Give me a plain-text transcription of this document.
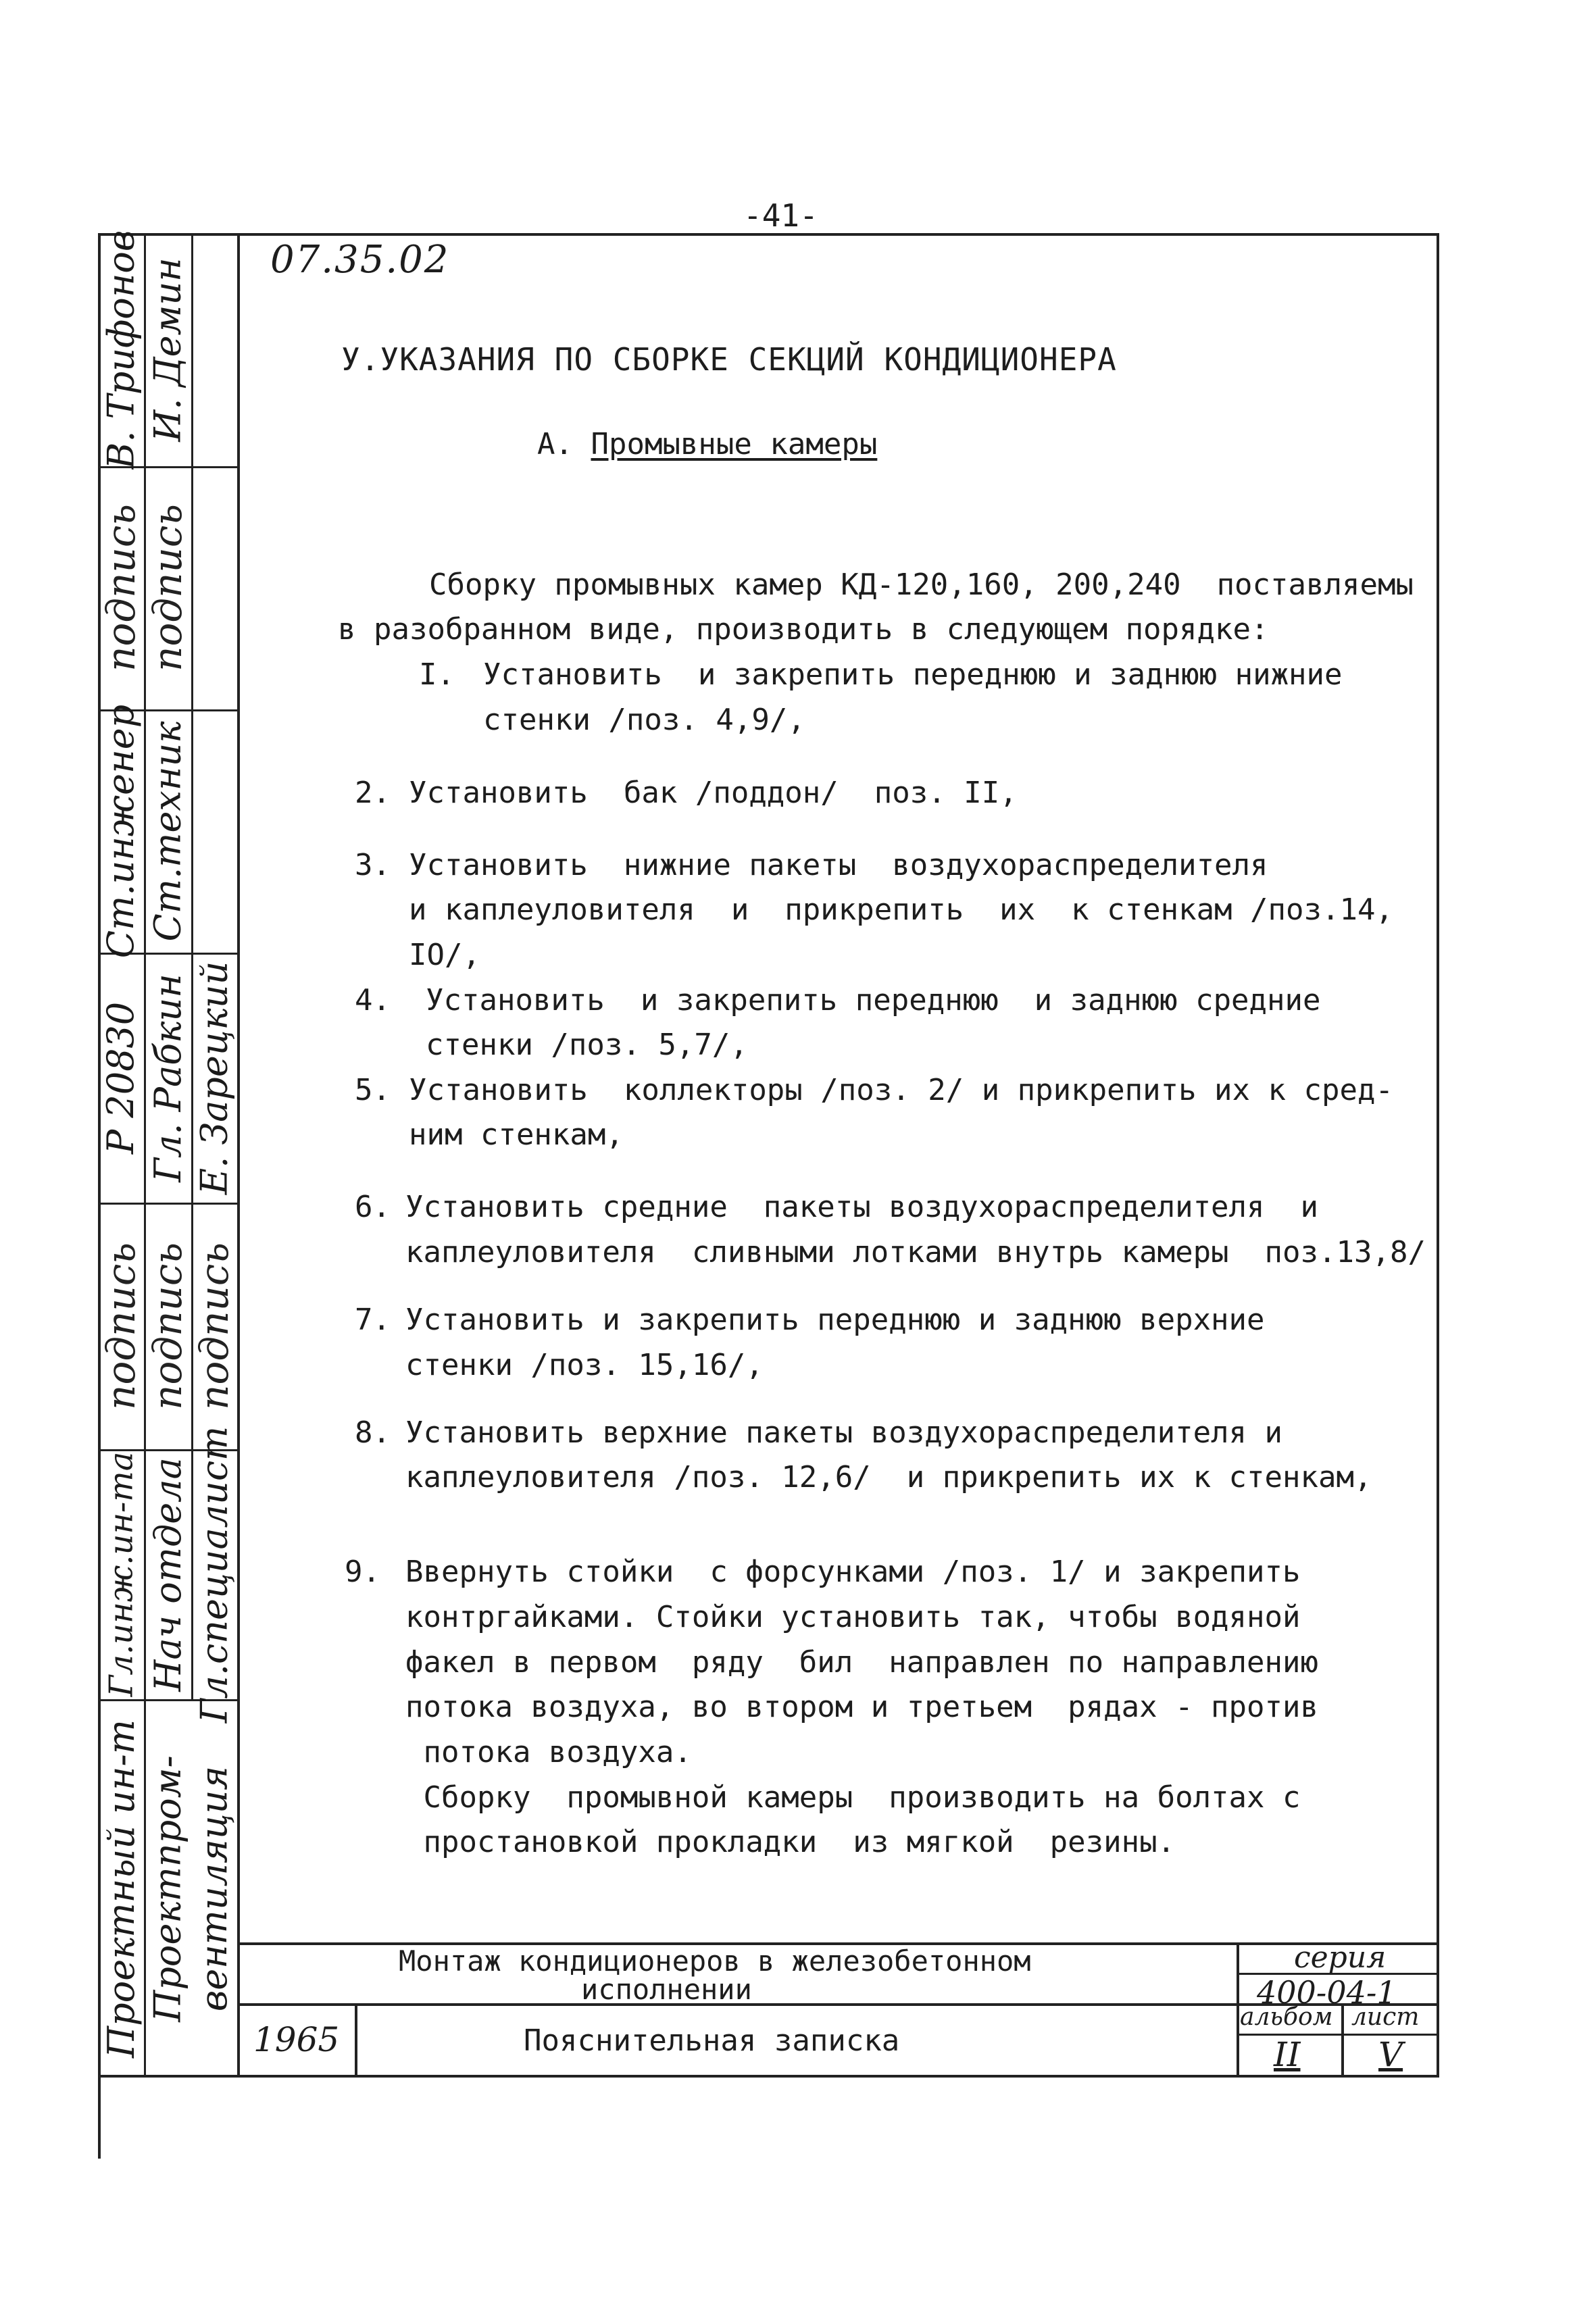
-41-
В. Трифонов
подпись
Ст.инженер
Р 20830
подпись
Гл.инж.ин-та
Проектный ин-т
И. Демин
подпись
Ст.техник
Гл. Рабкин
подпись
Нач отдела
Проектпром-
Е. Зарецкий
подпись
Гл.специалист
вентиляция
07.35.02
У.УКАЗАНИЯ ПО СБОРКЕ СЕКЦИЙ КОНДИЦИОНЕРА
А. Промывные камеры
Сборку промывных камер КД-120,160, 200,240  поставляемы
в разобранном виде, производить в следующем порядке:
I. Установить  и закрепить переднюю и заднюю нижние
стенки /поз. 4,9/,
2. Установить  бак /поддон/  поз. II,
3. Установить  нижние пакеты  воздухораспределителя
и каплеуловителя  и  прикрепить  их  к стенкам /поз.14,
IO/,
4. Установить  и закрепить переднюю  и заднюю средние
стенки /поз. 5,7/,
5. Установить  коллекторы /поз. 2/ и прикрепить их к сред-
ним стенкам,
6. Установить средние  пакеты воздухораспределителя  и
каплеуловителя  сливными лотками внутрь камеры  поз.13,8/
7. Установить и закрепить переднюю и заднюю верхние
стенки /поз. 15,16/,
8. Установить верхние пакеты воздухораспределителя и
каплеуловителя /поз. 12,6/  и прикрепить их к стенкам,
9. Ввернуть стойки  с форсунками /поз. 1/ и закрепить
контргайками. Стойки установить так, чтобы водяной
факел в первом  ряду  бил  направлен по направлению
потока воздуха, во втором и третьем  рядах - против
потока воздуха.
Сборку  промывной камеры  производить на болтах с
простановкой прокладки  из мягкой  резины.
Монтаж кондиционеров в железобетонном
исполнении
серия
400-04-1
1965	Пояснительная записка
альбом лист
II V
